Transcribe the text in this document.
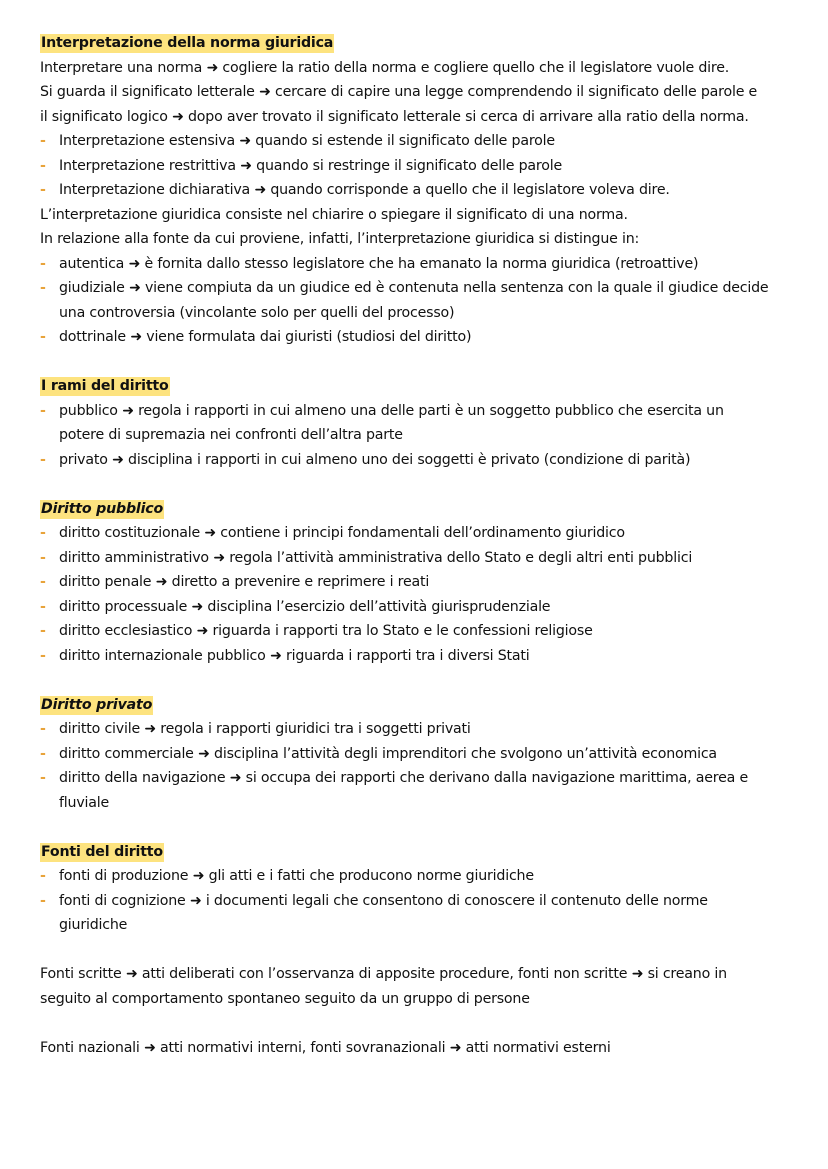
Interpretazione della norma giuridica
Interpretare una norma ➜ cogliere la ratio della norma e cogliere quello che il legislatore vuole dire.
Si guarda il significato letterale ➜ cercare di capire una legge comprendendo il significato delle parole e
il significato logico ➜ dopo aver trovato il significato letterale si cerca di arrivare alla ratio della norma.
- Interpretazione estensiva ➜ quando si estende il significato delle parole
- Interpretazione restrittiva ➜ quando si restringe il significato delle parole
- Interpretazione dichiarativa ➜ quando corrisponde a quello che il legislatore voleva dire.
L’interpretazione giuridica consiste nel chiarire o spiegare il significato di una norma.
In relazione alla fonte da cui proviene, infatti, l’interpretazione giuridica si distingue in:
- autentica ➜ è fornita dallo stesso legislatore che ha emanato la norma giuridica (retroattive)
- giudiziale ➜ viene compiuta da un giudice ed è contenuta nella sentenza con la quale il giudice decide
una controversia (vincolante solo per quelli del processo)
- dottrinale ➜ viene formulata dai giuristi (studiosi del diritto)
I rami del diritto
- pubblico ➜ regola i rapporti in cui almeno una delle parti è un soggetto pubblico che esercita un
potere di supremazia nei confronti dell’altra parte
- privato ➜ disciplina i rapporti in cui almeno uno dei soggetti è privato (condizione di parità)
Diritto pubblico
- diritto costituzionale ➜ contiene i principi fondamentali dell’ordinamento giuridico
- diritto amministrativo ➜ regola l’attività amministrativa dello Stato e degli altri enti pubblici
- diritto penale ➜ diretto a prevenire e reprimere i reati
- diritto processuale ➜ disciplina l’esercizio dell’attività giurisprudenziale
- diritto ecclesiastico ➜ riguarda i rapporti tra lo Stato e le confessioni religiose
- diritto internazionale pubblico ➜ riguarda i rapporti tra i diversi Stati
Diritto privato
- diritto civile ➜ regola i rapporti giuridici tra i soggetti privati
- diritto commerciale ➜ disciplina l’attività degli imprenditori che svolgono un’attività economica
- diritto della navigazione ➜ si occupa dei rapporti che derivano dalla navigazione marittima, aerea e
fluviale
Fonti del diritto
- fonti di produzione ➜ gli atti e i fatti che producono norme giuridiche
- fonti di cognizione ➜ i documenti legali che consentono di conoscere il contenuto delle norme
giuridiche
Fonti scritte ➜ atti deliberati con l’osservanza di apposite procedure, fonti non scritte ➜ si creano in
seguito al comportamento spontaneo seguito da un gruppo di persone
Fonti nazionali ➜ atti normativi interni, fonti sovranazionali ➜ atti normativi esterni
